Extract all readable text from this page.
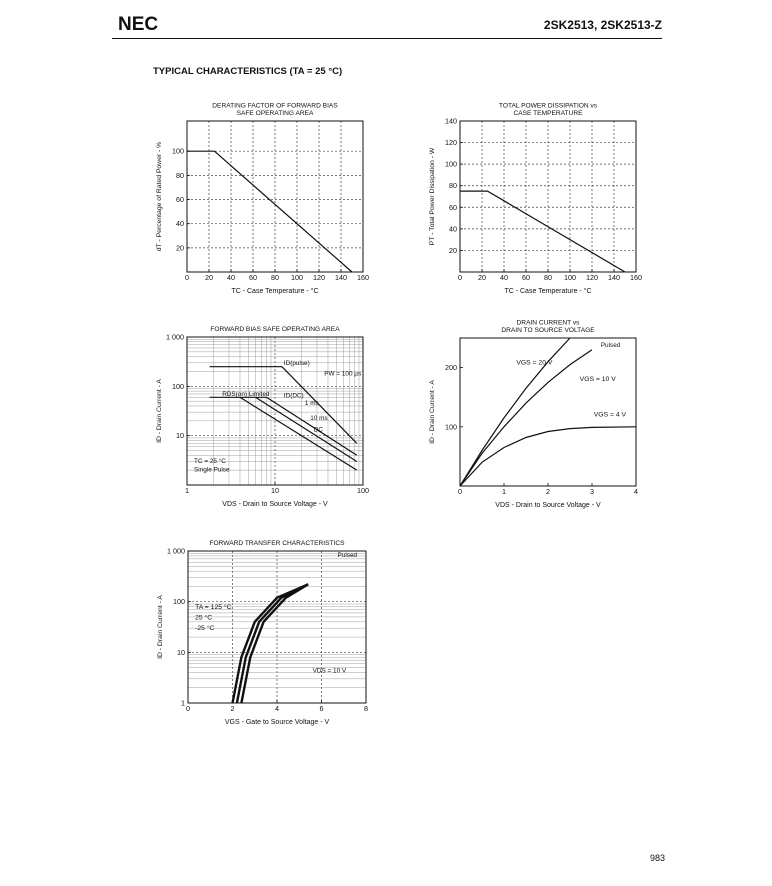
NEC	2SK2513, 2SK2513-Z
TYPICAL CHARACTERISTICS (TA = 25 °C)
983
0 20 40 60 80 100 120 140 160
20
40
60
80
100
DERATING FACTOR OF FORWARD BIAS
SAFE OPERATING AREA
TC - Case Temperature - °C
dT - Percentage of Rated Power - %
0 20 40 60 80 100 120 140 160
20
40
60
80
100
120
140
TOTAL POWER DISSIPATION vs
CASE TEMPERATURE
TC - Case Temperature - °C
PT - Total Power Dissipation - W
1	10	100
10
100
1 000
FORWARD BIAS SAFE OPERATING AREA
VDS - Drain to Source Voltage - V
ID - Drain Current - A
ID(pulse)
ID(DC)
RDS(on) Limited
PW = 100 µs
1 ms
10 ms
DC
TC = 25 °C
Single Pulse
0	1	2	3	4
100
200
DRAIN CURRENT vs
DRAIN TO SOURCE VOLTAGE
VDS - Drain to Source Voltage - V
ID - Drain Current - A
VGS = 20 V
VGS = 10 V
VGS = 4 V
Pulsed
0	2	4	6	8
1
10
100
1 000
FORWARD TRANSFER CHARACTERISTICS
VGS - Gate to Source Voltage - V
ID - Drain Current - A	TA = 125 °C
25 °C
-25 °C
Pulsed
VDS = 10 V
